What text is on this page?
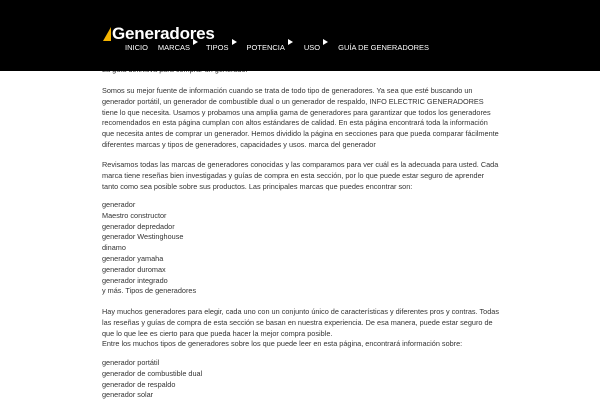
Somos su mejor fuente de información cuando se trata de todo tipo de generadores. Ya sea que esté buscando un generador portátil, un generador de combustible dual o un generador de respaldo, INFO ELECTRIC GENERADORES tiene lo que necesita. Usamos y probamos una amplia gama de generadores para garantizar que todos los generadores recomendados en esta página cumplan con altos estándares de calidad. En esta página encontrará toda la información que necesita antes de comprar un generador. Hemos dividido la página en secciones para que pueda comparar fácilmente diferentes marcas y tipos de generadores, capacidades y usos. marca del generador

Revisamos todas las marcas de generadores conocidas y las comparamos para ver cuál es la adecuada para usted. Cada marca tiene reseñas bien investigadas y guías de compra en esta sección, por lo que puede estar seguro de aprender tanto como sea posible sobre sus productos. Las principales marcas que puedes encontrar son:

generador
Maestro constructor
generador depredador
generador Westinghouse
dinamo
generador yamaha
generador duromax
generador integrado
y más. Tipos de generadores

Hay muchos generadores para elegir, cada uno con un conjunto único de características y diferentes pros y contras. Todas las reseñas y guías de compra de esta sección se basan en nuestra experiencia. De esa manera, puede estar seguro de que lo que lee es cierto para que pueda hacer la mejor compra posible.

Entre los muchos tipos de generadores sobre los que puede leer en esta página, encontrará información sobre:

generador portátil
generador de combustible dual
generador de respaldo
generador solar
Generadores
INICIO MARCAS TIPOS POTENCIA	USO GUÍA DE GENERADORES
